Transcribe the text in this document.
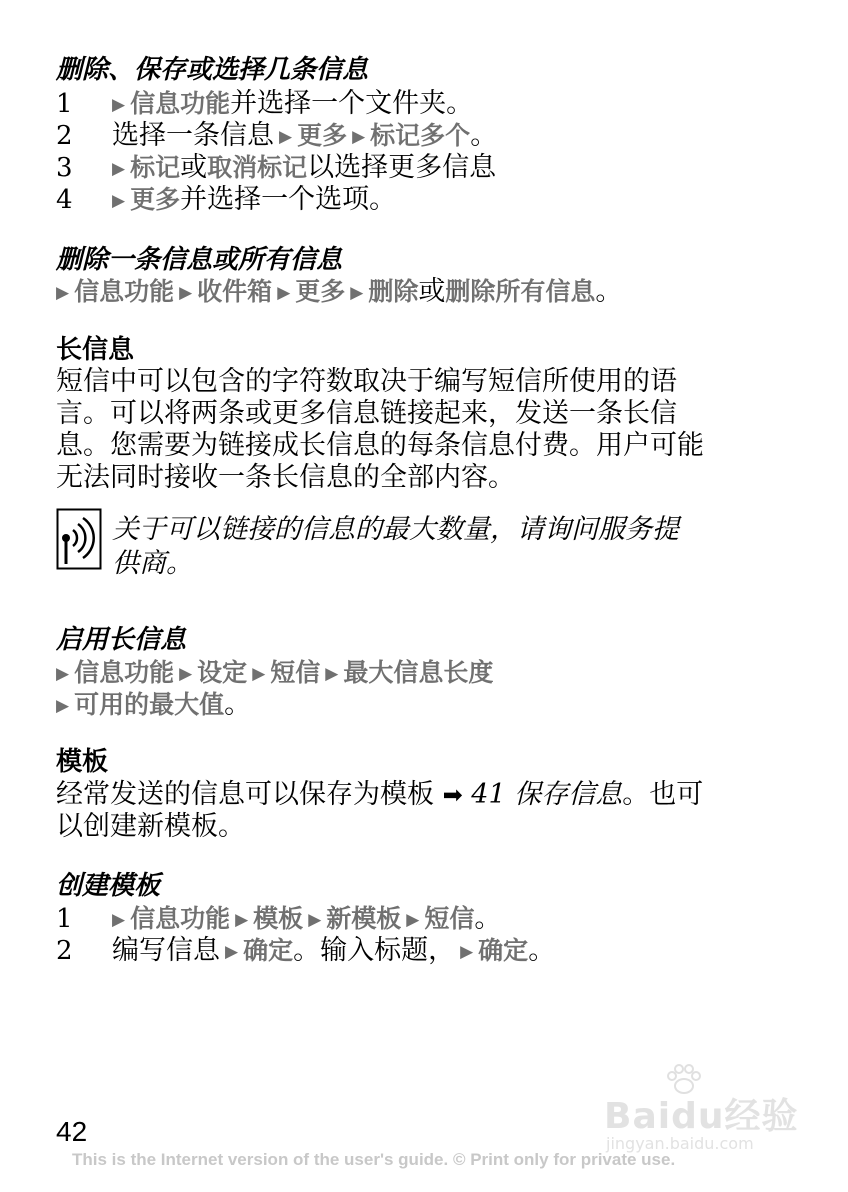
删除、保存或选择几条信息
1 ▶ 信息功能并选择一个文件夹。
2 选择一条信息 ▶ 更多 ▶ 标记多个。
3 ▶ 标记或取消标记以选择更多信息
4 ▶ 更多并选择一个选项。
删除一条信息或所有信息
▶ 信息功能 ▶ 收件箱 ▶ 更多 ▶ 删除或删除所有信息。
长信息
短信中可以包含的字符数取决于编写短信所使用的语
言。可以将两条或更多信息链接起来，发送一条长信
息。您需要为链接成长信息的每条信息付费。用户可能
无法同时接收一条长信息的全部内容。
关于可以链接的信息的最大数量，请询问服务提
供商。
启用长信息
▶ 信息功能 ▶ 设定 ▶ 短信 ▶ 最大信息长度
▶ 可用的最大值。
模板
经常发送的信息可以保存为模板 ➡ 41 保存信息。也可
以创建新模板。
创建模板
1 ▶ 信息功能 ▶ 模板 ▶ 新模板 ▶ 短信。
2 编写信息 ▶ 确定。输入标题， ▶ 确定。
Baidu经验
jingyan.baidu.com
42
This is the Internet version of the user's guide. © Print only for private use.
